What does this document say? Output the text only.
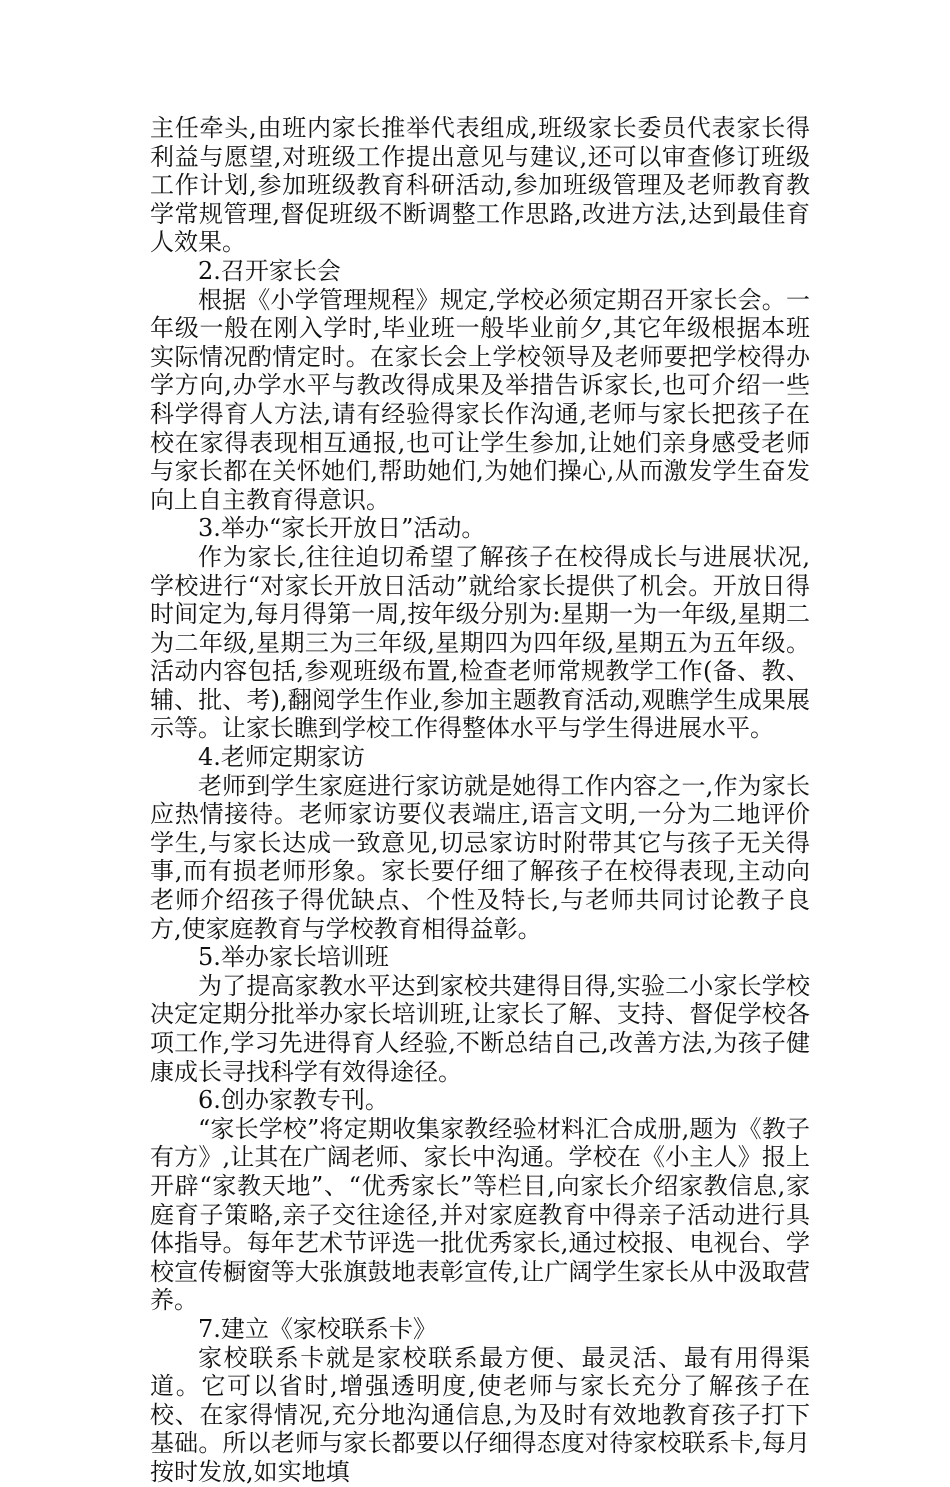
主任牵头,由班内家长推举代表组成,班级家长委员代表家长得利益与愿望,对班级工作提出意见与建议,还可以审查修订班级工作计划,参加班级教育科研活动,参加班级管理及老师教育教学常规管理,督促班级不断调整工作思路,改进方法,达到最佳育人效果。

2.召开家长会

根据《小学管理规程》规定,学校必须定期召开家长会。一年级一般在刚入学时,毕业班一般毕业前夕,其它年级根据本班实际情况酌情定时。在家长会上学校领导及老师要把学校得办学方向,办学水平与教改得成果及举措告诉家长,也可介绍一些科学得育人方法,请有经验得家长作沟通,老师与家长把孩子在校在家得表现相互通报,也可让学生参加,让她们亲身感受老师与家长都在关怀她们,帮助她们,为她们操心,从而激发学生奋发向上自主教育得意识。

3.举办“家长开放日”活动。

作为家长,往往迫切希望了解孩子在校得成长与进展状况,学校进行“对家长开放日活动”就给家长提供了机会。开放日得时间定为,每月得第一周,按年级分别为:星期一为一年级,星期二为二年级,星期三为三年级,星期四为四年级,星期五为五年级。活动内容包括,参观班级布置,检查老师常规教学工作(备、教、辅、批、考),翻阅学生作业,参加主题教育活动,观瞧学生成果展示等。让家长瞧到学校工作得整体水平与学生得进展水平。

4.老师定期家访

老师到学生家庭进行家访就是她得工作内容之一,作为家长应热情接待。老师家访要仪表端庄,语言文明,一分为二地评价学生,与家长达成一致意见,切忌家访时附带其它与孩子无关得事,而有损老师形象。家长要仔细了解孩子在校得表现,主动向老师介绍孩子得优缺点、个性及特长,与老师共同讨论教子良方,使家庭教育与学校教育相得益彰。

5.举办家长培训班

为了提高家教水平达到家校共建得目得,实验二小家长学校决定定期分批举办家长培训班,让家长了解、支持、督促学校各项工作,学习先进得育人经验,不断总结自己,改善方法,为孩子健康成长寻找科学有效得途径。

6.创办家教专刊。

“家长学校”将定期收集家教经验材料汇合成册,题为《教子有方》,让其在广阔老师、家长中沟通。学校在《小主人》报上开辟“家教天地”、“优秀家长”等栏目,向家长介绍家教信息,家庭育子策略,亲子交往途径,并对家庭教育中得亲子活动进行具体指导。每年艺术节评选一批优秀家长,通过校报、电视台、学校宣传橱窗等大张旗鼓地表彰宣传,让广阔学生家长从中汲取营养。

7.建立《家校联系卡》

家校联系卡就是家校联系最方便、最灵活、最有用得渠道。它可以省时,增强透明度,使老师与家长充分了解孩子在校、在家得情况,充分地沟通信息,为及时有效地教育孩子打下基础。所以老师与家长都要以仔细得态度对待家校联系卡,每月按时发放,如实地填
